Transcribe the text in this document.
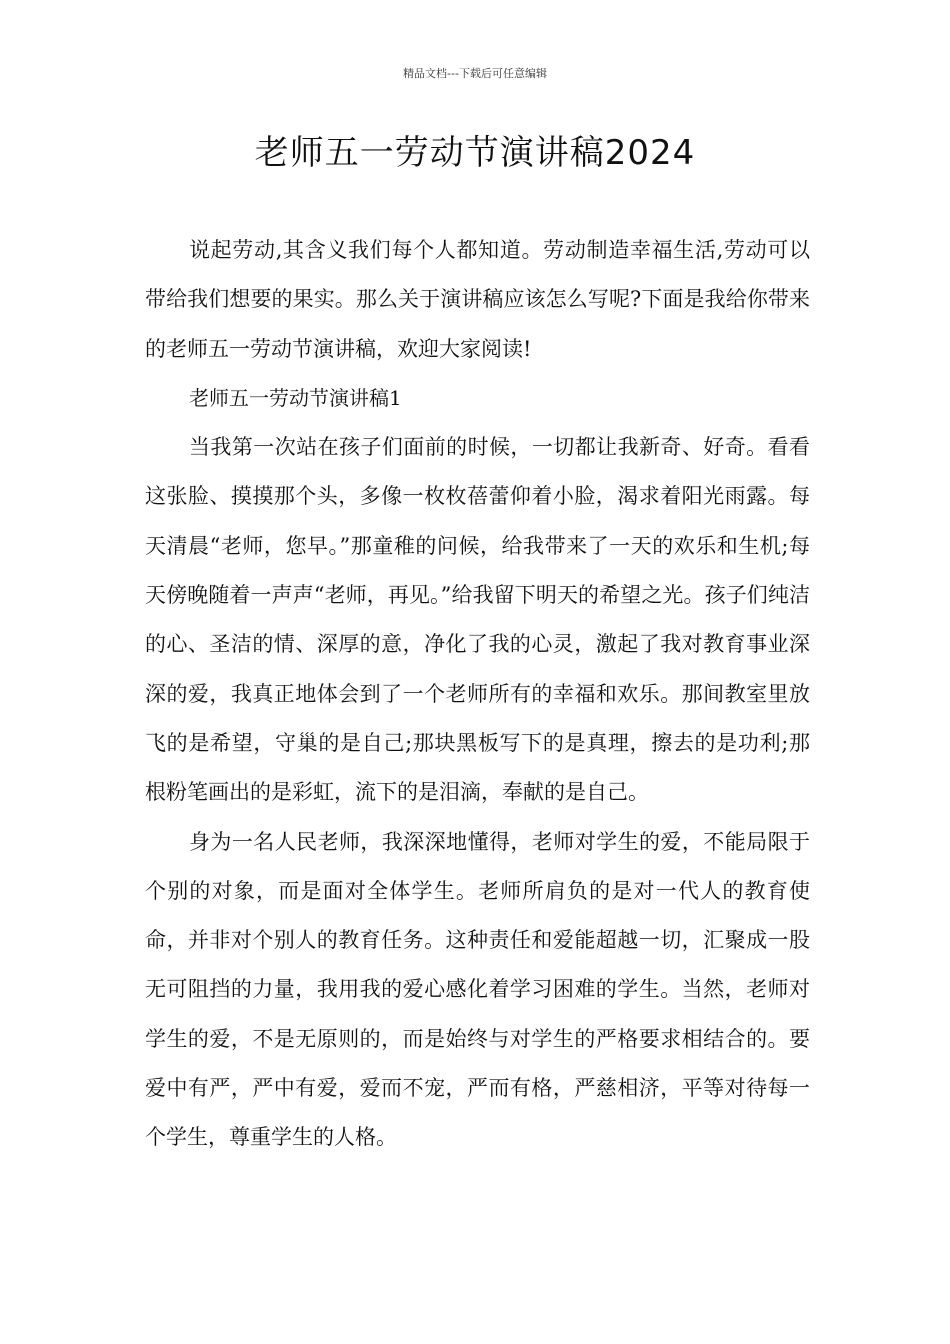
精品文档---下载后可任意编辑
老师五一劳动节演讲稿2024

说起劳动,其含义我们每个人都知道。劳动制造幸福生活,劳动可以带给我们想要的果实。那么关于演讲稿应该怎么写呢?下面是我给你带来的老师五一劳动节演讲稿，欢迎大家阅读!

老师五一劳动节演讲稿1

当我第一次站在孩子们面前的时候，一切都让我新奇、好奇。看看这张脸、摸摸那个头，多像一枚枚蓓蕾仰着小脸，渴求着阳光雨露。每天清晨“老师，您早。”那童稚的问候，给我带来了一天的欢乐和生机;每天傍晚随着一声声“老师，再见。”给我留下明天的希望之光。孩子们纯洁的心、圣洁的情、深厚的意，净化了我的心灵，激起了我对教育事业深深的爱，我真正地体会到了一个老师所有的幸福和欢乐。那间教室里放飞的是希望，守巢的是自己;那块黑板写下的是真理，擦去的是功利;那根粉笔画出的是彩虹，流下的是泪滴，奉献的是自己。

身为一名人民老师，我深深地懂得，老师对学生的爱，不能局限于个别的对象，而是面对全体学生。老师所肩负的是对一代人的教育使命，并非对个别人的教育任务。这种责任和爱能超越一切，汇聚成一股无可阻挡的力量，我用我的爱心感化着学习困难的学生。当然，老师对学生的爱，不是无原则的，而是始终与对学生的严格要求相结合的。要爱中有严，严中有爱，爱而不宠，严而有格，严慈相济，平等对待每一个学生，尊重学生的人格。
